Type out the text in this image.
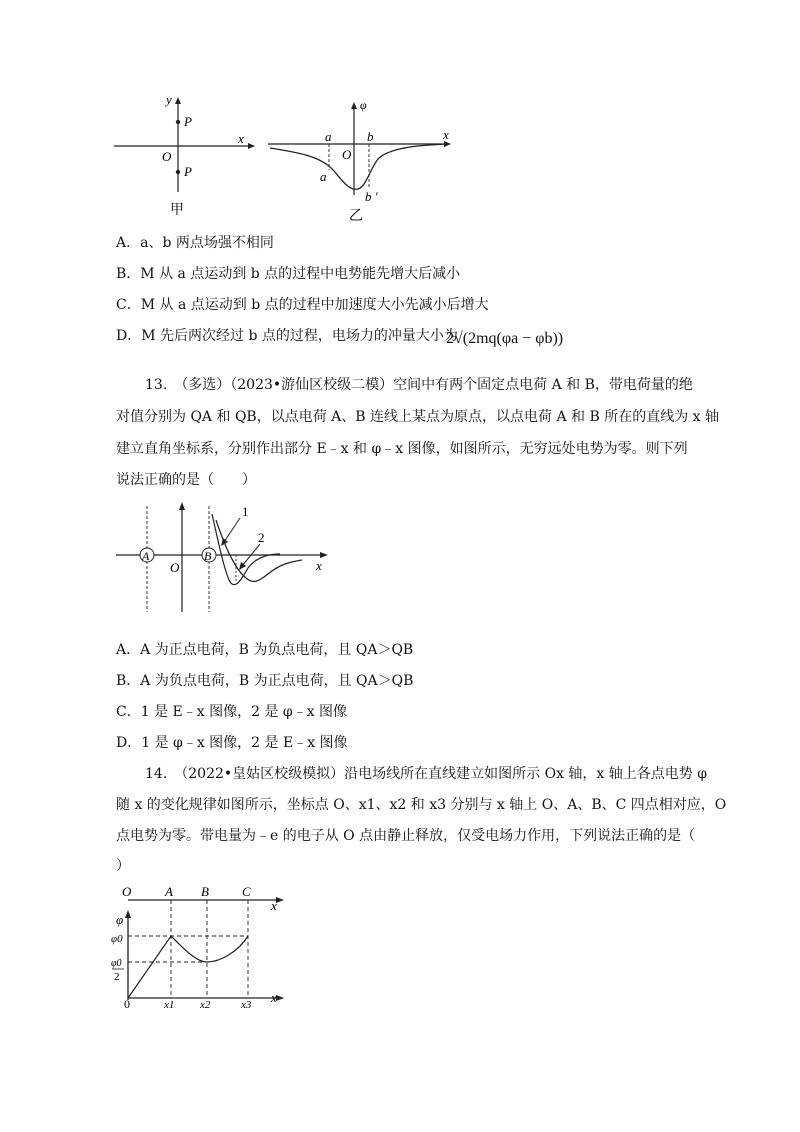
y
x
O
P
P
甲
φ
x
O
a	b
a
b ′
乙
A．a、b 两点场强不相同
B．M 从 a 点运动到 b 点的过程中电势能先增大后减小
C．M 从 a 点运动到 b 点的过程中加速度大小先减小后增大
D．M 先后两次经过 b 点的过程，电场力的冲量大小为
2√(2mq(φa − φb))
13.　（多选）（2023•游仙区校级二模）空间中有两个固定点电荷 A 和 B，带电荷量的绝
对值分别为 QA 和 QB，以点电荷 A、B 连线上某点为原点，以点电荷 A 和 B 所在的直线为 x 轴
建立直角坐标系，分别作出部分 E﹣x 和 φ﹣x 图像，如图所示，无穷远处电势为零。则下列
说法正确的是（　　）
A	B
O	x
1
2
A．A 为正点电荷，B 为负点电荷，且 QA＞QB
B．A 为负点电荷，B 为正点电荷，且 QA＞QB
C．1 是 E﹣x 图像，2 是 φ﹣x 图像
D．1 是 φ﹣x 图像，2 是 E﹣x 图像
14.　（2022•皇姑区校级模拟）沿电场线所在直线建立如图所示 Ox 轴，x 轴上各点电势 φ
随 x 的变化规律如图所示，坐标点 O、x1、x2 和 x3 分别与 x 轴上 O、A、B、C 四点相对应，O
点电势为零。带电量为﹣e 的电子从 O 点由静止释放，仅受电场力作用，下列说法正确的是（
）
O	A B	C
x
φ
φ0
φ0
2
0	x1 x2	x3 x
